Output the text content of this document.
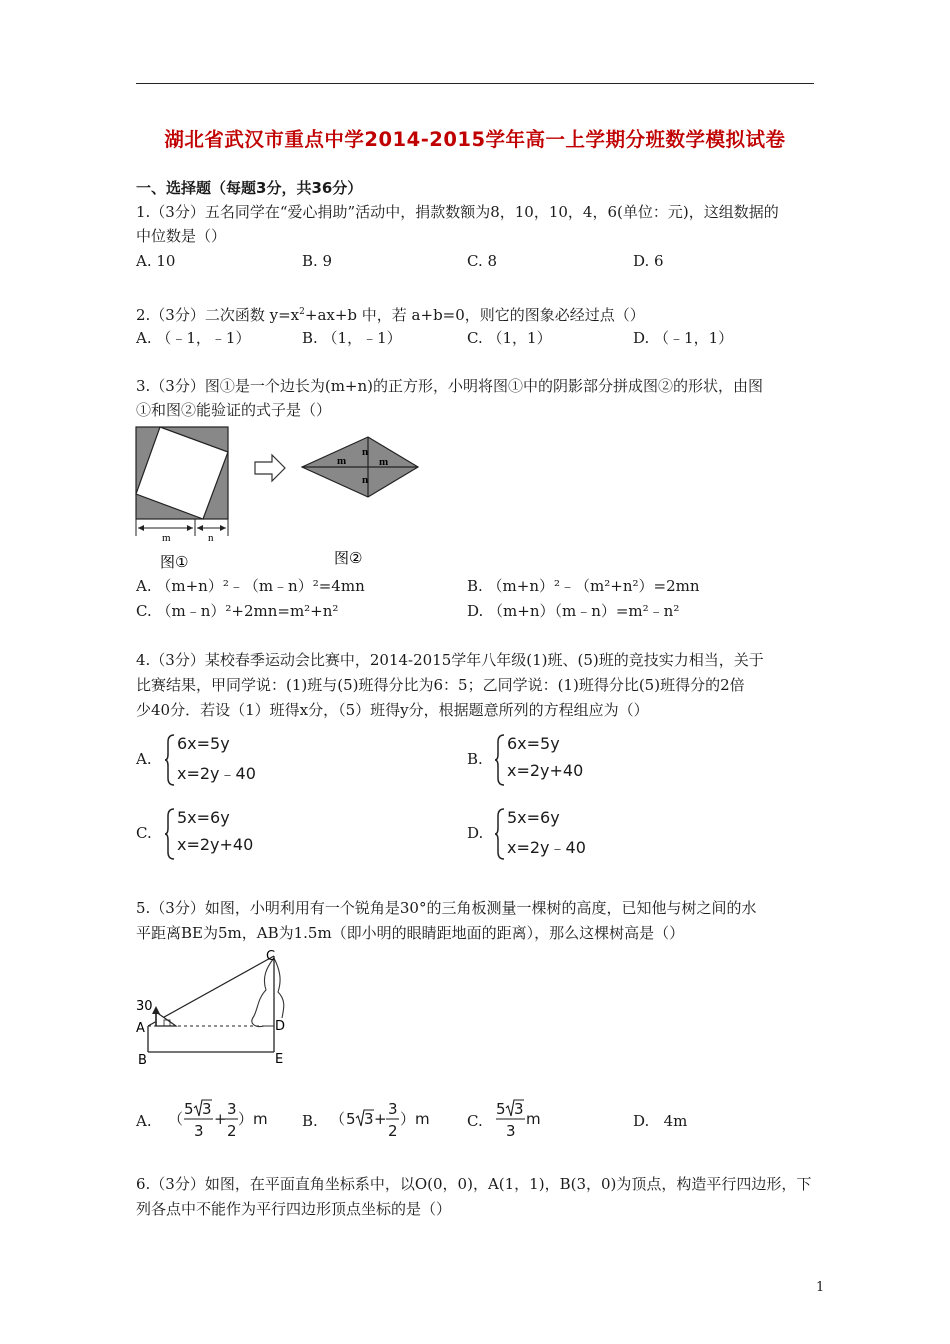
湖北省武汉市重点中学2014-2015学年高一上学期分班数学模拟试卷
一、选择题（每题3分，共36分）
1.（3分）五名同学在“爱心捐助”活动中，捐款数额为8，10，10，4，6(单位：元)，这组数据的
中位数是（）
A. 10	B. 9	C. 8	D. 6
2.（3分）二次函数 $y=x^2+ax+b$ 中，若 a+b=0，则它的图象必经过点（）
A. （﹣1，﹣1）	B. （1，﹣1）	C. （1，1）	D. （﹣1，1）
3.（3分）图①是一个边长为(m+n)的正方形，小明将图①中的阴影部分拼成图②的形状，由图
①和图②能验证的式子是（）
m	n
图①
m
n
m
n
图②
A. （m+n）²﹣（m﹣n）²=4mn	B. （m+n）²﹣（m²+n²）=2mn
C. （m﹣n）²+2mn=m²+n²	D. （m+n）（m﹣n）=m²﹣n²
4.（3分）某校春季运动会比赛中，2014-2015学年八年级(1)班、(5)班的竞技实力相当，关于
比赛结果，甲同学说：(1)班与(5)班得分比为6：5；乙同学说：(1)班得分比(5)班得分的2倍
少40分．若设（1）班得x分，（5）班得y分，根据题意所列的方程组应为（）
A.
6x=5y
x=2y﹣40
B.
6x=5y
x=2y+40
C.
5x=6y
x=2y+40
D.
5x=6y
x=2y﹣40
5.（3分）如图，小明利用有一个锐角是30°的三角板测量一棵树的高度，已知他与树之间的水
平距离BE为5m，AB为1.5m（即小明的眼睛距地面的距离），那么这棵树高是（）
A
B	E
D
C
30
A. （
5 3
3
+
3
2
）m B. （ 5 3 +
3
2
）m C.
5 3
3
m	D. 4m
6.（3分）如图，在平面直角坐标系中，以O(0，0)，A(1，1)，B(3，0)为顶点，构造平行四边形，下
列各点中不能作为平行四边形顶点坐标的是（）
1
